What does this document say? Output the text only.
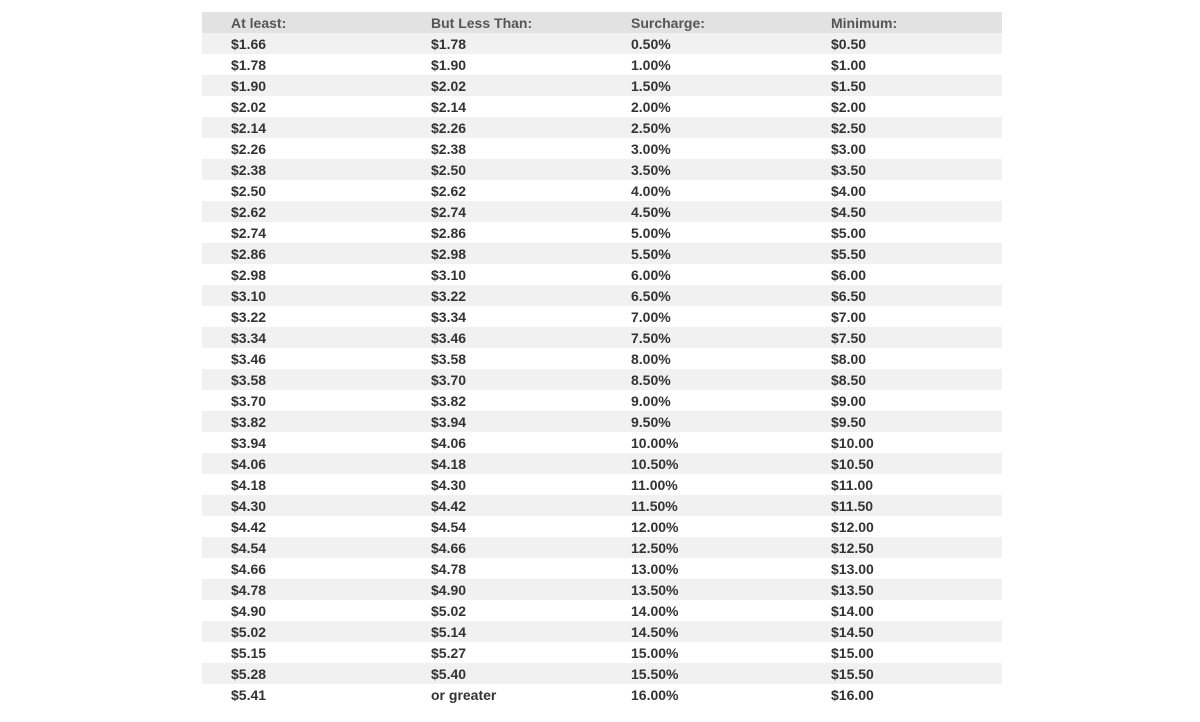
At least:	But Less Than:	Surcharge:	Minimum:
$1.66	$1.78	0.50%	$0.50
$1.78	$1.90	1.00%	$1.00
$1.90	$2.02	1.50%	$1.50
$2.02	$2.14	2.00%	$2.00
$2.14	$2.26	2.50%	$2.50
$2.26	$2.38	3.00%	$3.00
$2.38	$2.50	3.50%	$3.50
$2.50	$2.62	4.00%	$4.00
$2.62	$2.74	4.50%	$4.50
$2.74	$2.86	5.00%	$5.00
$2.86	$2.98	5.50%	$5.50
$2.98	$3.10	6.00%	$6.00
$3.10	$3.22	6.50%	$6.50
$3.22	$3.34	7.00%	$7.00
$3.34	$3.46	7.50%	$7.50
$3.46	$3.58	8.00%	$8.00
$3.58	$3.70	8.50%	$8.50
$3.70	$3.82	9.00%	$9.00
$3.82	$3.94	9.50%	$9.50
$3.94	$4.06	10.00%	$10.00
$4.06	$4.18	10.50%	$10.50
$4.18	$4.30	11.00%	$11.00
$4.30	$4.42	11.50%	$11.50
$4.42	$4.54	12.00%	$12.00
$4.54	$4.66	12.50%	$12.50
$4.66	$4.78	13.00%	$13.00
$4.78	$4.90	13.50%	$13.50
$4.90	$5.02	14.00%	$14.00
$5.02	$5.14	14.50%	$14.50
$5.15	$5.27	15.00%	$15.00
$5.28	$5.40	15.50%	$15.50
$5.41	or greater	16.00%	$16.00
